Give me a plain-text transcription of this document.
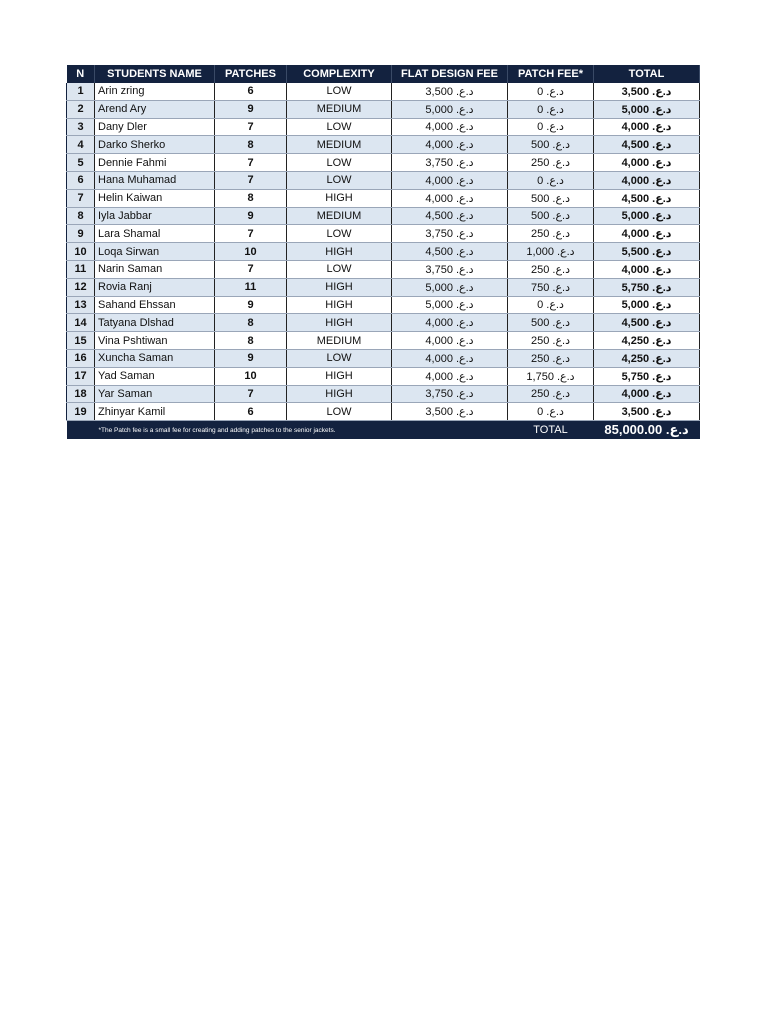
N	STUDENTS NAME	PATCHES	COMPLEXITY	FLAT DESIGN FEE	PATCH FEE*	TOTAL
1	Arin zring	6	LOW	3,500 د.ع.	0 د.ع.	3,500 د.ع.
2	Arend Ary	9	MEDIUM	5,000 د.ع.	0 د.ع.	5,000 د.ع.
3	Dany Dler	7	LOW	4,000 د.ع.	0 د.ع.	4,000 د.ع.
4	Darko Sherko	8	MEDIUM	4,000 د.ع.	500 د.ع.	4,500 د.ع.
5	Dennie Fahmi	7	LOW	3,750 د.ع.	250 د.ع.	4,000 د.ع.
6	Hana Muhamad	7	LOW	4,000 د.ع.	0 د.ع.	4,000 د.ع.
7	Helin Kaiwan	8	HIGH	4,000 د.ع.	500 د.ع.	4,500 د.ع.
8	Iyla Jabbar	9	MEDIUM	4,500 د.ع.	500 د.ع.	5,000 د.ع.
9	Lara Shamal	7	LOW	3,750 د.ع.	250 د.ع.	4,000 د.ع.
10	Loqa Sirwan	10	HIGH	4,500 د.ع.	1,000 د.ع.	5,500 د.ع.
11	Narin Saman	7	LOW	3,750 د.ع.	250 د.ع.	4,000 د.ع.
12	Rovia Ranj	11	HIGH	5,000 د.ع.	750 د.ع.	5,750 د.ع.
13	Sahand Ehssan	9	HIGH	5,000 د.ع.	0 د.ع.	5,000 د.ع.
14	Tatyana Dlshad	8	HIGH	4,000 د.ع.	500 د.ع.	4,500 د.ع.
15	Vina Pshtiwan	8	MEDIUM	4,000 د.ع.	250 د.ع.	4,250 د.ع.
16	Xuncha Saman	9	LOW	4,000 د.ع.	250 د.ع.	4,250 د.ع.
17	Yad Saman	10	HIGH	4,000 د.ع.	1,750 د.ع.	5,750 د.ع.
18	Yar Saman	7	HIGH	3,750 د.ع.	250 د.ع.	4,000 د.ع.
19	Zhinyar Kamil	6	LOW	3,500 د.ع.	0 د.ع.	3,500 د.ع.
	*The Patch fee is a small fee for creating and adding patches to the senior jackets.				TOTAL	85,000.00 د.ع.
